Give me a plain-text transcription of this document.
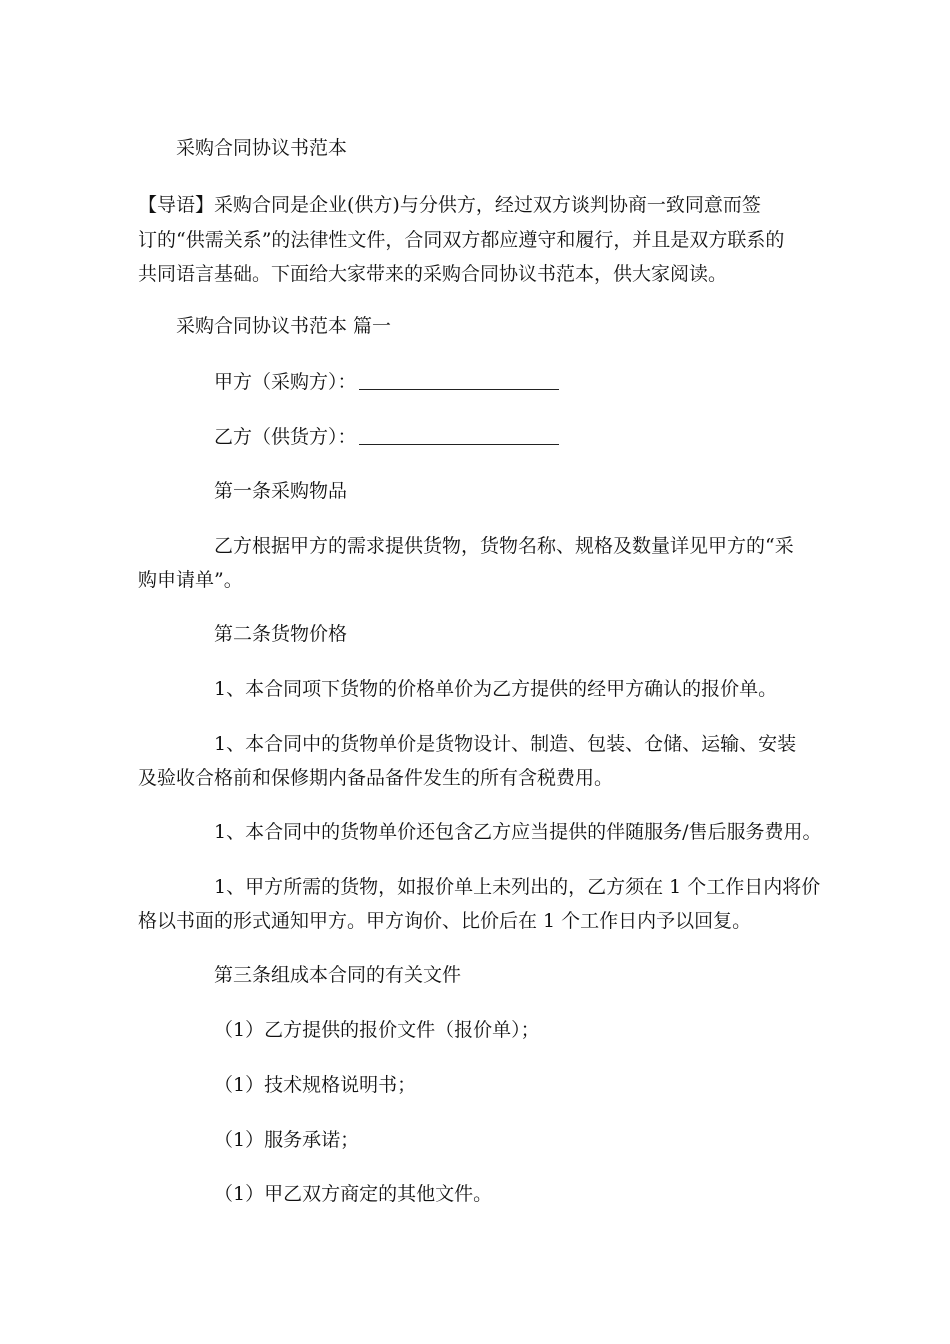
采购合同协议书范本

【导语】采购合同是企业(供方)与分供方，经过双方谈判协商一致同意而签

订的“供需关系”的法律性文件，合同双方都应遵守和履行，并且是双方联系的

共同语言基础。下面给大家带来的采购合同协议书范本，供大家阅读。

采购合同协议书范本 篇一

甲方（采购方）：

乙方（供货方）：

第一条采购物品

乙方根据甲方的需求提供货物，货物名称、规格及数量详见甲方的“采

购申请单”。

第二条货物价格

1、本合同项下货物的价格单价为乙方提供的经甲方确认的报价单。

1、本合同中的货物单价是货物设计、制造、包装、仓储、运输、安装

及验收合格前和保修期内备品备件发生的所有含税费用。

1、本合同中的货物单价还包含乙方应当提供的伴随服务/售后服务费用。

1、甲方所需的货物，如报价单上未列出的，乙方须在 1 个工作日内将价

格以书面的形式通知甲方。甲方询价、比价后在 1 个工作日内予以回复。

第三条组成本合同的有关文件

（1）乙方提供的报价文件（报价单）；

（1）技术规格说明书；

（1）服务承诺；

（1）甲乙双方商定的其他文件。
